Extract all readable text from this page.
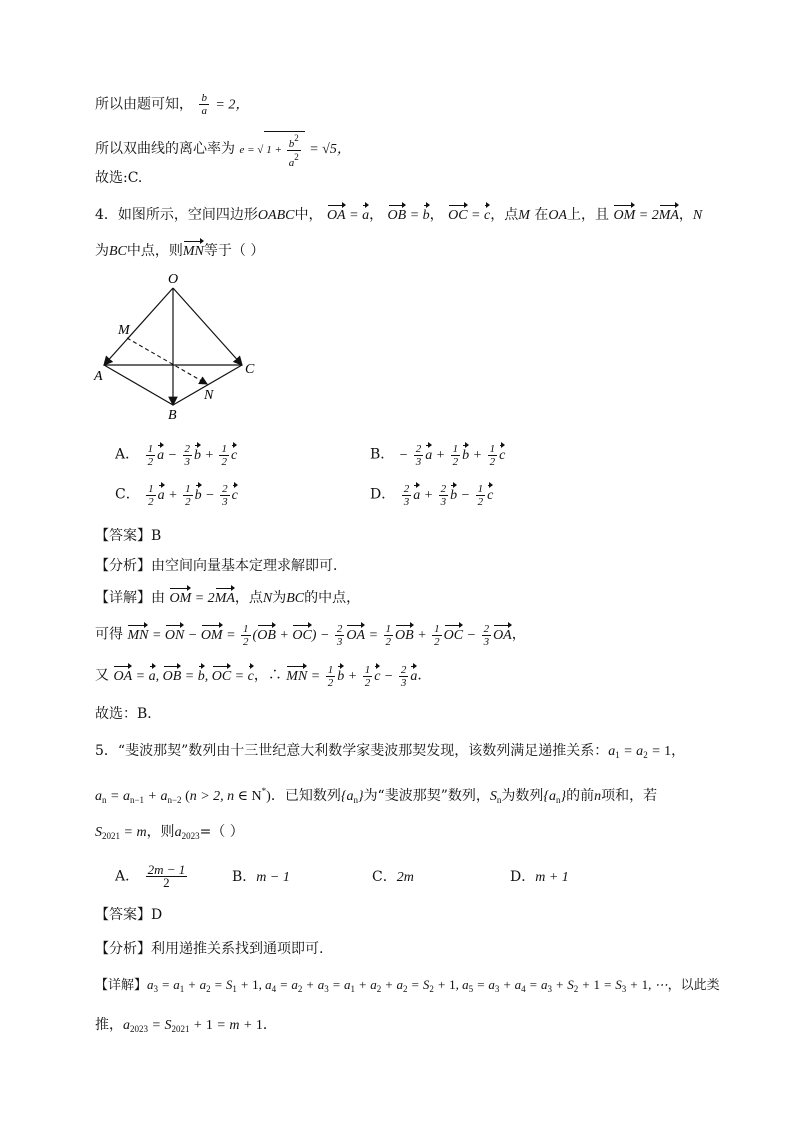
所以由题可知， $\frac{b}{a} = 2$，
所以双曲线的离心率为 e = √ $1 + \frac{b^2}{a^2} = √5$，
故选:C.
4．如图所示，空间四边形OABC中， OA = a， OB = b， OC = c，点M 在OA上，且 OM = 2MA，N
为BC中点，则MN等于（ ）
O
M
A	C
N
B
A． $\frac{1}{2}$ $a - \frac{2}{3}$ $b + \frac{1}{2}$ c	B． − $\frac{2}{3}$ $a + \frac{1}{2}$ $b + \frac{1}{2}$ c
C． $\frac{1}{2}$ $a + \frac{1}{2}$ $b - \frac{2}{3}$ c	D． $\frac{2}{3}$ $a + \frac{2}{3}$ $b - \frac{1}{2}$ c
【答案】B
【分析】由空间向量基本定理求解即可．
【详解】由 OM = 2MA，点N为BC的中点，
可得 MN = ON − OM = $\frac{1}{2} (OB + OC) - \frac{2}{3}$ OA = $\frac{1}{2}$ OB + $\frac{1}{2}$ OC − $\frac{2}{3}$ OA，
又 OA = a, OB = b, OC = c，∴ MN = $\frac{1}{2}$ $b + \frac{1}{2}$ $c - \frac{2}{3}$ a．
故选：B．
5．“斐波那契”数列由十三世纪意大利数学家斐波那契发现，该数列满足递推关系：$a_1 = a_2 = 1$，
$a_n = a_{n-1} + a_{n-2}$ (n > 2, n ∈ N*)．已知数列$\{a_n\}$为“斐波那契”数列，$S_n$为数列$\{a_n\}$的前n项和，若
$S_{2021} = m$，则$a_{2023}=$（ ）
A． $\frac{2m - 1}{2}$	B．m − 1	C．2m	D．m + 1
【答案】D
【分析】利用递推关系找到通项即可.
【详解】$a_3 = a_1 + a_2 = S_1 + 1$, $a_4 = a_2 + a_3 = a_1 + a_2 + a_2 = S_2 + 1$, $a_5 = a_3 + a_4 = a_3 + S_2 + 1 = S_3 + 1$, ⋯，以此类
推，$a_{2023} = S_{2021} + 1 = m + 1$．
